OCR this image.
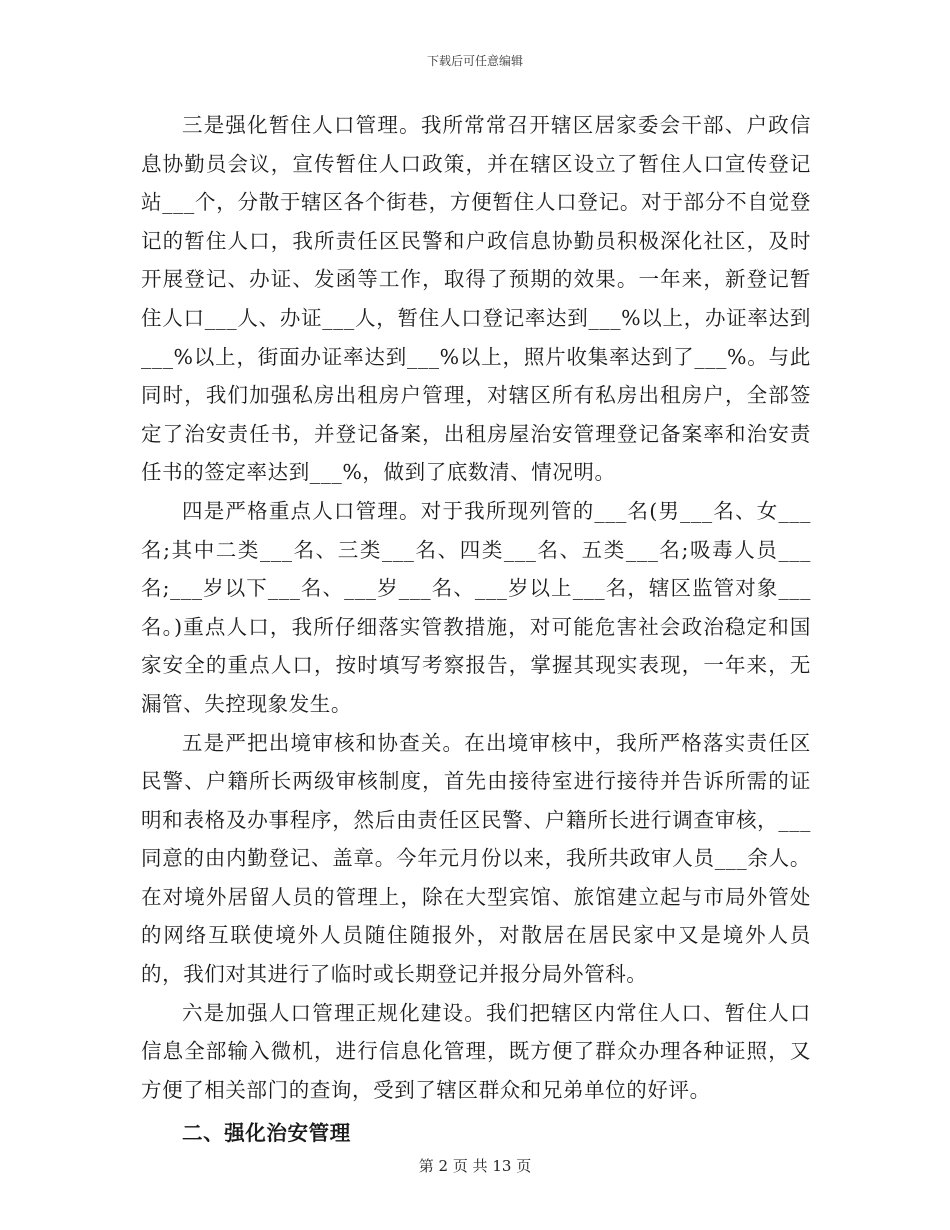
下载后可任意编辑

三是强化暂住人口管理。我所常常召开辖区居家委会干部、户政信息协勤员会议，宣传暂住人口政策，并在辖区设立了暂住人口宣传登记站___个，分散于辖区各个街巷，方便暂住人口登记。对于部分不自觉登记的暂住人口，我所责任区民警和户政信息协勤员积极深化社区，及时开展登记、办证、发函等工作，取得了预期的效果。一年来，新登记暂住人口___人、办证___人，暂住人口登记率达到___%以上，办证率达到___%以上，街面办证率达到___%以上，照片收集率达到了___%。与此同时，我们加强私房出租房户管理，对辖区所有私房出租房户，全部签定了治安责任书，并登记备案，出租房屋治安管理登记备案率和治安责任书的签定率达到___%，做到了底数清、情况明。

四是严格重点人口管理。对于我所现列管的___名(男___名、女___名;其中二类___名、三类___名、四类___名、五类___名;吸毒人员___名;___岁以下___名、___岁___名、___岁以上___名，辖区监管对象___名。)重点人口，我所仔细落实管教措施，对可能危害社会政治稳定和国家安全的重点人口，按时填写考察报告，掌握其现实表现，一年来，无漏管、失控现象发生。

五是严把出境审核和协查关。在出境审核中，我所严格落实责任区民警、户籍所长两级审核制度，首先由接待室进行接待并告诉所需的证明和表格及办事程序，然后由责任区民警、户籍所长进行调查审核，___同意的由内勤登记、盖章。今年元月份以来，我所共政审人员___余人。在对境外居留人员的管理上，除在大型宾馆、旅馆建立起与市局外管处的网络互联使境外人员随住随报外，对散居在居民家中又是境外人员的，我们对其进行了临时或长期登记并报分局外管科。

六是加强人口管理正规化建设。我们把辖区内常住人口、暂住人口信息全部输入微机，进行信息化管理，既方便了群众办理各种证照，又方便了相关部门的查询，受到了辖区群众和兄弟单位的好评。

二、强化治安管理

第 2 页 共 13 页
